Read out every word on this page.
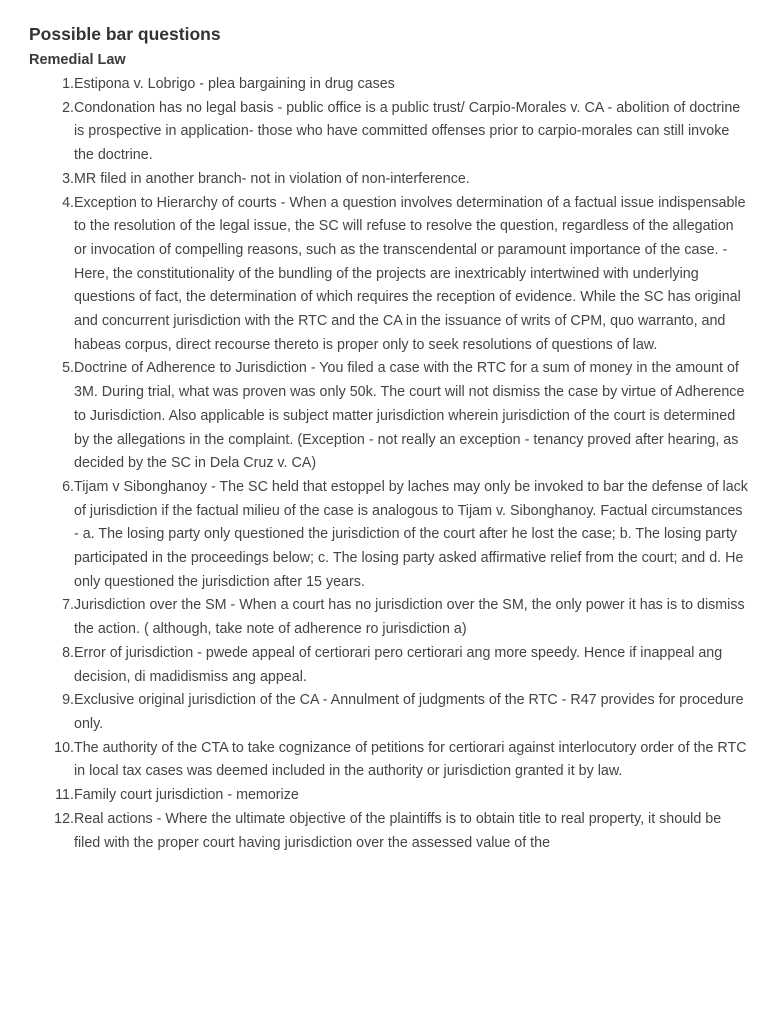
Possible bar questions
Remedial Law
1. Estipona v. Lobrigo - plea bargaining in drug cases
2. Condonation has no legal basis - public office is a public trust/ Carpio-Morales v. CA - abolition of doctrine is prospective in application- those who have committed offenses prior to carpio-morales can still invoke the doctrine.
3. MR filed in another branch- not in violation of non-interference.
4. Exception to Hierarchy of courts - When a question involves determination of a factual issue indispensable to the resolution of the legal issue, the SC will refuse to resolve the question, regardless of the allegation or invocation of compelling reasons, such as the transcendental or paramount importance of the case. - Here, the constitutionality of the bundling of the projects are inextricably intertwined with underlying questions of fact, the determination of which requires the reception of evidence. While the SC has original and concurrent jurisdiction with the RTC and the CA in the issuance of writs of CPM, quo warranto, and habeas corpus, direct recourse thereto is proper only to seek resolutions of questions of law.
5. Doctrine of Adherence to Jurisdiction - You filed a case with the RTC for a sum of money in the amount of 3M. During trial, what was proven was only 50k. The court will not dismiss the case by virtue of Adherence to Jurisdiction. Also applicable is subject matter jurisdiction wherein jurisdiction of the court is determined by the allegations in the complaint. (Exception - not really an exception - tenancy proved after hearing, as decided by the SC in Dela Cruz v. CA)
6. Tijam v Sibonghanoy - The SC held that estoppel by laches may only be invoked to bar the defense of lack of jurisdiction if the factual milieu of the case is analogous to Tijam v. Sibonghanoy. Factual circumstances - a. The losing party only questioned the jurisdiction of the court after he lost the case; b. The losing party participated in the proceedings below; c. The losing party asked affirmative relief from the court; and d. He only questioned the jurisdiction after 15 years.
7. Jurisdiction over the SM - When a court has no jurisdiction over the SM, the only power it has is to dismiss the action. ( although, take note of adherence ro jurisdiction a)
8. Error of jurisdiction - pwede appeal of certiorari pero certiorari ang more speedy. Hence if inappeal ang decision, di madidismiss ang appeal.
9. Exclusive original jurisdiction of the CA - Annulment of judgments of the RTC - R47 provides for procedure only.
10. The authority of the CTA to take cognizance of petitions for certiorari against interlocutory order of the RTC in local tax cases was deemed included in the authority or jurisdiction granted it by law.
11. Family court jurisdiction - memorize
12. Real actions - Where the ultimate objective of the plaintiffs is to obtain title to real property, it should be filed with the proper court having jurisdiction over the assessed value of the
